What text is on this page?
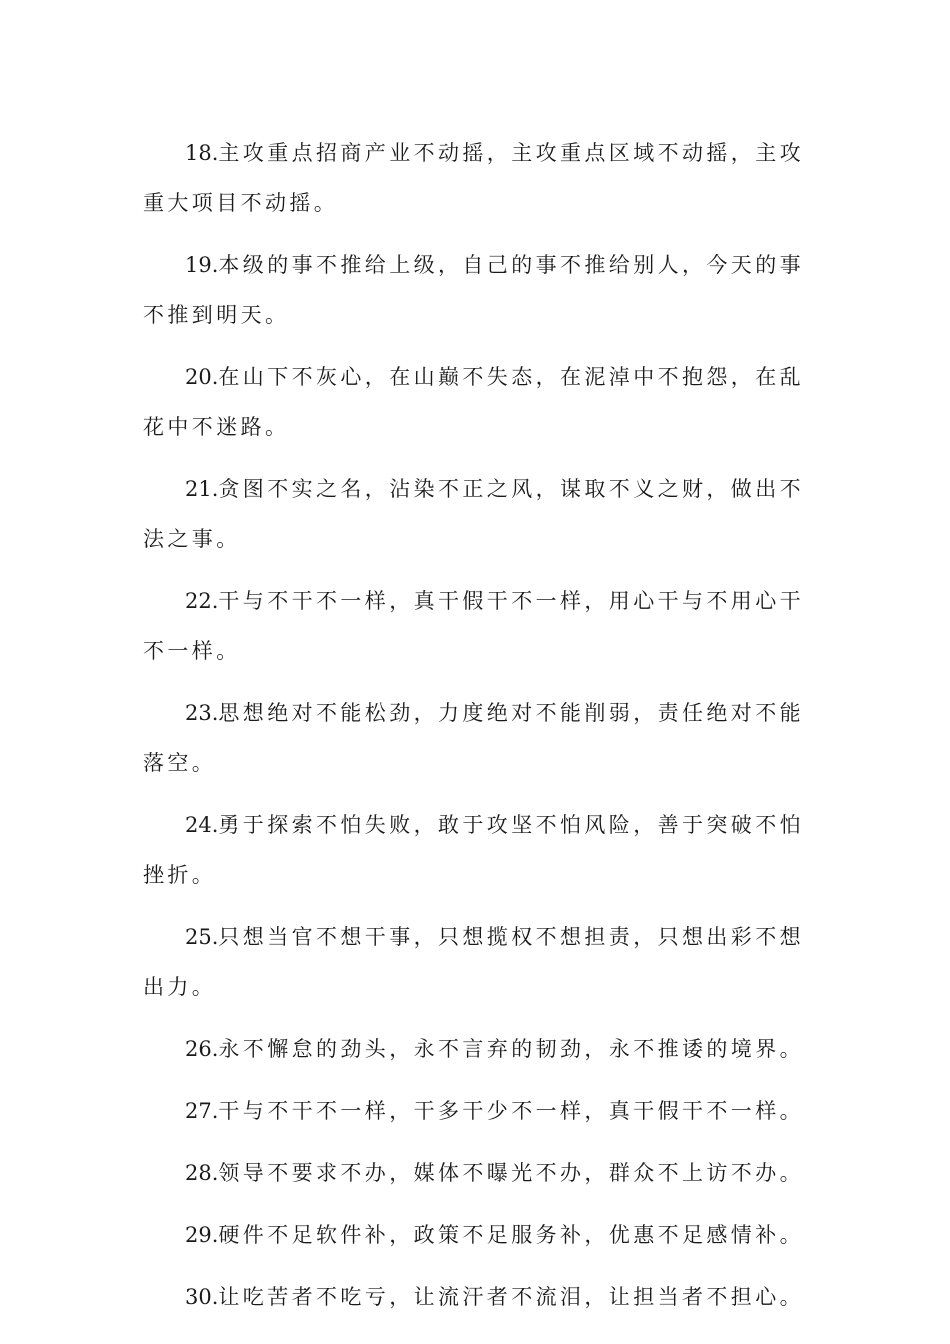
18.主攻重点招商产业不动摇，主攻重点区域不动摇，主攻重大项目不动摇。

19.本级的事不推给上级，自己的事不推给别人，今天的事不推到明天。

20.在山下不灰心，在山巅不失态，在泥淖中不抱怨，在乱花中不迷路。

21.贪图不实之名，沾染不正之风，谋取不义之财，做出不法之事。

22.干与不干不一样，真干假干不一样，用心干与不用心干不一样。

23.思想绝对不能松劲，力度绝对不能削弱，责任绝对不能落空。

24.勇于探索不怕失败，敢于攻坚不怕风险，善于突破不怕挫折。

25.只想当官不想干事，只想揽权不想担责，只想出彩不想出力。

26.永不懈怠的劲头，永不言弃的韧劲，永不推诿的境界。

27.干与不干不一样，干多干少不一样，真干假干不一样。

28.领导不要求不办，媒体不曝光不办，群众不上访不办。

29.硬件不足软件补，政策不足服务补，优惠不足感情补。

30.让吃苦者不吃亏，让流汗者不流泪，让担当者不担心。
